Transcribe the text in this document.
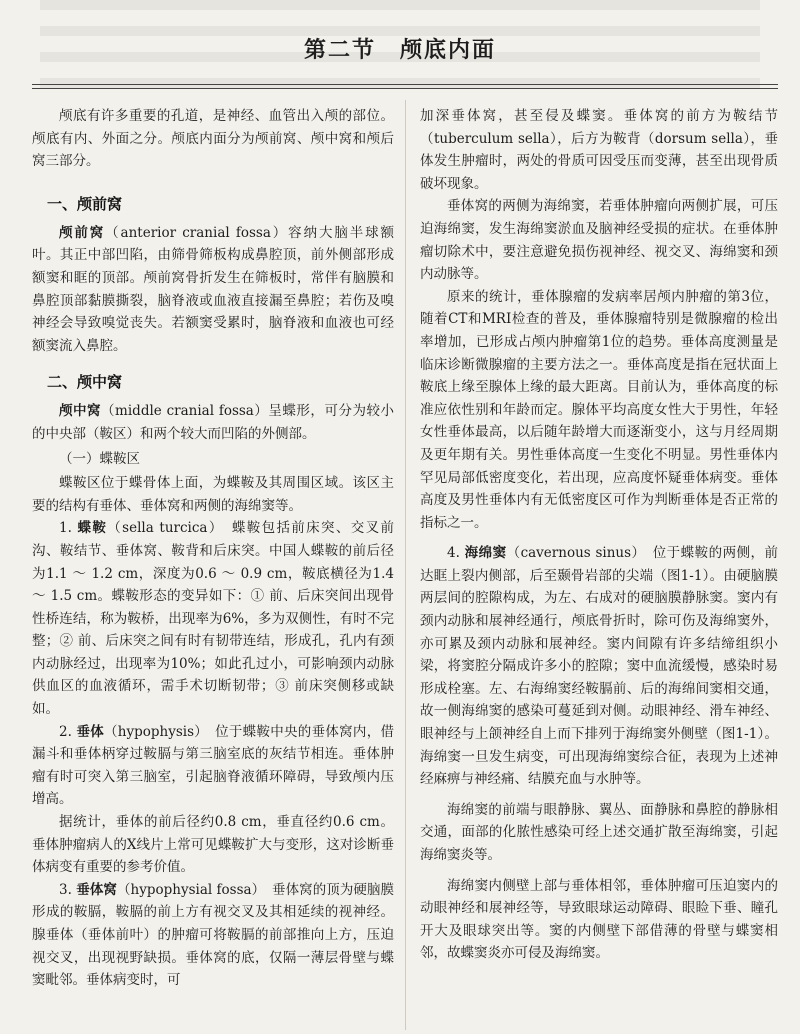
第二节　颅底内面

颅底有许多重要的孔道，是神经、血管出入颅的部位。颅底有内、外面之分。颅底内面分为颅前窝、颅中窝和颅后窝三部分。

一、颅前窝

颅前窝（anterior cranial fossa）容纳大脑半球额叶。其正中部凹陷，由筛骨筛板构成鼻腔顶，前外侧部形成额窦和眶的顶部。颅前窝骨折发生在筛板时，常伴有脑膜和鼻腔顶部黏膜撕裂，脑脊液或血液直接漏至鼻腔；若伤及嗅神经会导致嗅觉丧失。若额窦受累时，脑脊液和血液也可经额窦流入鼻腔。

二、颅中窝

颅中窝（middle cranial fossa）呈蝶形，可分为较小的中央部（鞍区）和两个较大而凹陷的外侧部。

（一）蝶鞍区

蝶鞍区位于蝶骨体上面，为蝶鞍及其周围区域。该区主要的结构有垂体、垂体窝和两侧的海绵窦等。

1. 蝶鞍（sella turcica）　蝶鞍包括前床突、交叉前沟、鞍结节、垂体窝、鞍背和后床突。中国人蝶鞍的前后径为1.1 ～ 1.2 cm，深度为0.6 ～ 0.9 cm，鞍底横径为1.4 ～ 1.5 cm。蝶鞍形态的变异如下：① 前、后床突间出现骨性桥连结，称为鞍桥，出现率为6%，多为双侧性，有时不完整；② 前、后床突之间有时有韧带连结，形成孔，孔内有颈内动脉经过，出现率为10%；如此孔过小，可影响颈内动脉供血区的血液循环，需手术切断韧带；③ 前床突侧移或缺如。

2. 垂体（hypophysis）　位于蝶鞍中央的垂体窝内，借漏斗和垂体柄穿过鞍膈与第三脑室底的灰结节相连。垂体肿瘤有时可突入第三脑室，引起脑脊液循环障碍，导致颅内压增高。

据统计，垂体的前后径约0.8 cm，垂直径约0.6 cm。垂体肿瘤病人的X线片上常可见蝶鞍扩大与变形，这对诊断垂体病变有重要的参考价值。

3. 垂体窝（hypophysial fossa）　垂体窝的顶为硬脑膜形成的鞍膈，鞍膈的前上方有视交叉及其相延续的视神经。腺垂体（垂体前叶）的肿瘤可将鞍膈的前部推向上方，压迫视交叉，出现视野缺损。垂体窝的底，仅隔一薄层骨壁与蝶窦毗邻。垂体病变时，可

加深垂体窝，甚至侵及蝶窦。垂体窝的前方为鞍结节（tuberculum sella），后方为鞍背（dorsum sella），垂体发生肿瘤时，两处的骨质可因受压而变薄，甚至出现骨质破坏现象。

垂体窝的两侧为海绵窦，若垂体肿瘤向两侧扩展，可压迫海绵窦，发生海绵窦淤血及脑神经受损的症状。在垂体肿瘤切除术中，要注意避免损伤视神经、视交叉、海绵窦和颈内动脉等。

原来的统计，垂体腺瘤的发病率居颅内肿瘤的第3位，随着CT和MRI检查的普及，垂体腺瘤特别是微腺瘤的检出率增加，已形成占颅内肿瘤第1位的趋势。垂体高度测量是临床诊断微腺瘤的主要方法之一。垂体高度是指在冠状面上鞍底上缘至腺体上缘的最大距离。目前认为，垂体高度的标准应依性别和年龄而定。腺体平均高度女性大于男性，年轻女性垂体最高，以后随年龄增大而逐渐变小，这与月经周期及更年期有关。男性垂体高度一生变化不明显。男性垂体内罕见局部低密度变化，若出现，应高度怀疑垂体病变。垂体高度及男性垂体内有无低密度区可作为判断垂体是否正常的指标之一。

4. 海绵窦（cavernous sinus）　位于蝶鞍的两侧，前达眶上裂内侧部，后至颞骨岩部的尖端（图1-1）。由硬脑膜两层间的腔隙构成，为左、右成对的硬脑膜静脉窦。窦内有颈内动脉和展神经通行，颅底骨折时，除可伤及海绵窦外，亦可累及颈内动脉和展神经。窦内间隙有许多结缔组织小梁，将窦腔分隔成许多小的腔隙；窦中血流缓慢，感染时易形成栓塞。左、右海绵窦经鞍膈前、后的海绵间窦相交通，故一侧海绵窦的感染可蔓延到对侧。动眼神经、滑车神经、眼神经与上颌神经自上而下排列于海绵窦外侧壁（图1-1）。海绵窦一旦发生病变，可出现海绵窦综合征，表现为上述神经麻痹与神经痛、结膜充血与水肿等。

海绵窦的前端与眼静脉、翼丛、面静脉和鼻腔的静脉相交通，面部的化脓性感染可经上述交通扩散至海绵窦，引起海绵窦炎等。

海绵窦内侧壁上部与垂体相邻，垂体肿瘤可压迫窦内的动眼神经和展神经等，导致眼球运动障碍、眼睑下垂、瞳孔开大及眼球突出等。窦的内侧壁下部借薄的骨壁与蝶窦相邻，故蝶窦炎亦可侵及海绵窦。
